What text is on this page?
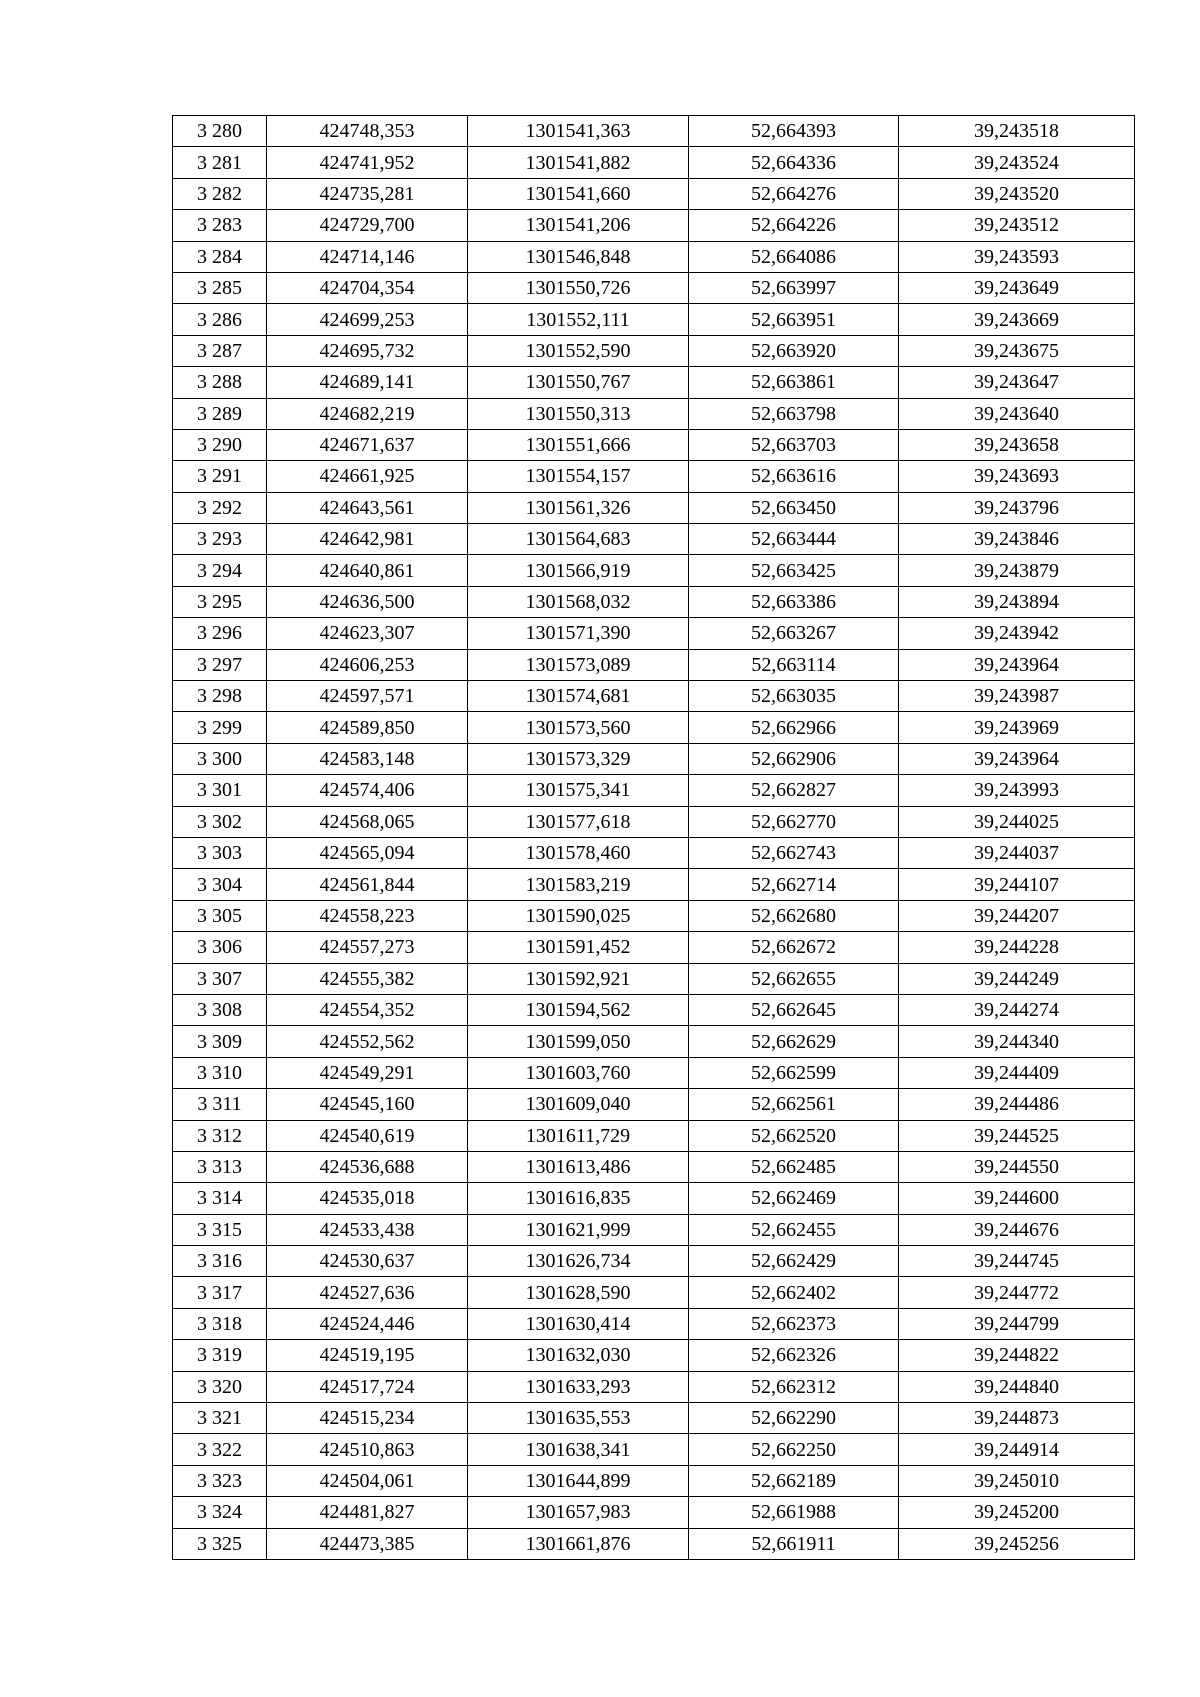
3 280	424748,353	1301541,363	52,664393	39,243518
3 281	424741,952	1301541,882	52,664336	39,243524
3 282	424735,281	1301541,660	52,664276	39,243520
3 283	424729,700	1301541,206	52,664226	39,243512
3 284	424714,146	1301546,848	52,664086	39,243593
3 285	424704,354	1301550,726	52,663997	39,243649
3 286	424699,253	1301552,111	52,663951	39,243669
3 287	424695,732	1301552,590	52,663920	39,243675
3 288	424689,141	1301550,767	52,663861	39,243647
3 289	424682,219	1301550,313	52,663798	39,243640
3 290	424671,637	1301551,666	52,663703	39,243658
3 291	424661,925	1301554,157	52,663616	39,243693
3 292	424643,561	1301561,326	52,663450	39,243796
3 293	424642,981	1301564,683	52,663444	39,243846
3 294	424640,861	1301566,919	52,663425	39,243879
3 295	424636,500	1301568,032	52,663386	39,243894
3 296	424623,307	1301571,390	52,663267	39,243942
3 297	424606,253	1301573,089	52,663114	39,243964
3 298	424597,571	1301574,681	52,663035	39,243987
3 299	424589,850	1301573,560	52,662966	39,243969
3 300	424583,148	1301573,329	52,662906	39,243964
3 301	424574,406	1301575,341	52,662827	39,243993
3 302	424568,065	1301577,618	52,662770	39,244025
3 303	424565,094	1301578,460	52,662743	39,244037
3 304	424561,844	1301583,219	52,662714	39,244107
3 305	424558,223	1301590,025	52,662680	39,244207
3 306	424557,273	1301591,452	52,662672	39,244228
3 307	424555,382	1301592,921	52,662655	39,244249
3 308	424554,352	1301594,562	52,662645	39,244274
3 309	424552,562	1301599,050	52,662629	39,244340
3 310	424549,291	1301603,760	52,662599	39,244409
3 311	424545,160	1301609,040	52,662561	39,244486
3 312	424540,619	1301611,729	52,662520	39,244525
3 313	424536,688	1301613,486	52,662485	39,244550
3 314	424535,018	1301616,835	52,662469	39,244600
3 315	424533,438	1301621,999	52,662455	39,244676
3 316	424530,637	1301626,734	52,662429	39,244745
3 317	424527,636	1301628,590	52,662402	39,244772
3 318	424524,446	1301630,414	52,662373	39,244799
3 319	424519,195	1301632,030	52,662326	39,244822
3 320	424517,724	1301633,293	52,662312	39,244840
3 321	424515,234	1301635,553	52,662290	39,244873
3 322	424510,863	1301638,341	52,662250	39,244914
3 323	424504,061	1301644,899	52,662189	39,245010
3 324	424481,827	1301657,983	52,661988	39,245200
3 325	424473,385	1301661,876	52,661911	39,245256
